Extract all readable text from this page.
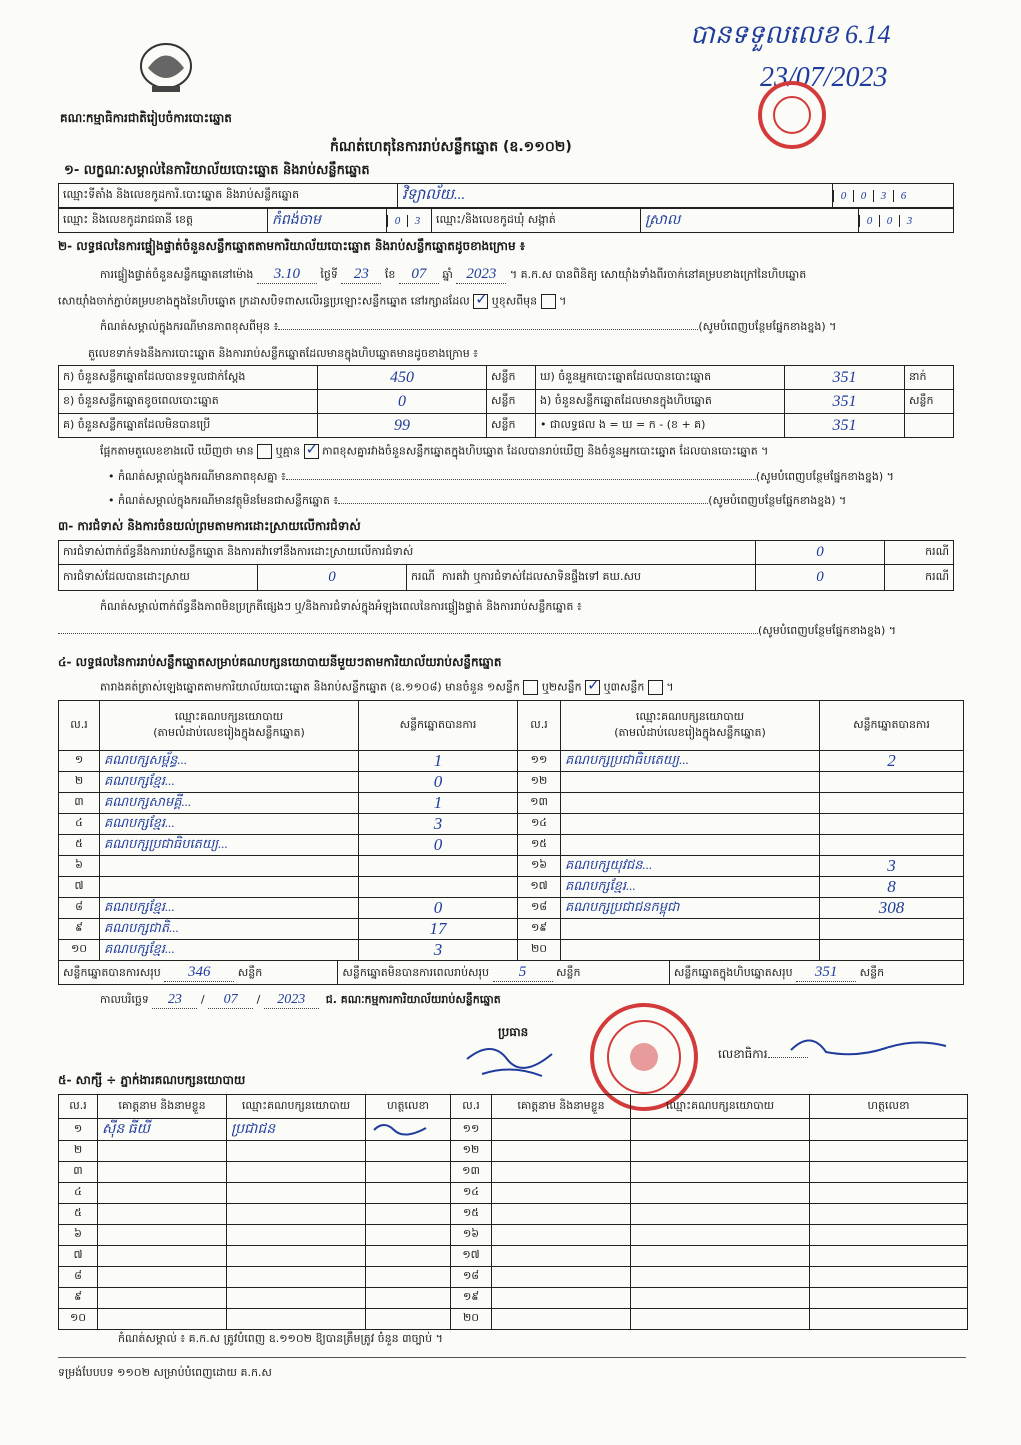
គណៈកម្មាធិការជាតិរៀបចំការបោះឆ្នោត
បានទទួលលេខ 6.14
23/07/2023
កំណត់ហេតុនៃការរាប់សន្លឹកឆ្នោត (ឧ.១១០២)
១- លក្ខណៈសម្គាល់នៃការិយាល័យបោះឆ្នោត និងរាប់សន្លឹកឆ្នោត
ឈ្មោះទីតាំង និងលេខកូដការិ.បោះឆ្នោត និងរាប់សន្លឹកឆ្នោត	វិទ្យាល័យ...	0 0 3 6
ឈ្មោះ និងលេខកូដរាជធានី ខេត្ត	កំពង់ចាម	0 3	ឈ្មោះ/និងលេខកូដឃុំ សង្កាត់	ស្រាល	0 0 3
២- លទ្ធផលនៃការផ្ទៀងផ្ទាត់ចំនួនសន្លឹកឆ្នោតតាមការិយាល័យបោះឆ្នោត និងរាប់សន្លឹកឆ្នោតដូចខាងក្រោម ៖
ការផ្ទៀងផ្ទាត់ចំនួនសន្លឹកឆ្នោតនៅម៉ោង 3.10 ថ្ងៃទី 23 ខែ 07 ឆ្នាំ 2023 ។ គ.ក.ស បានពិនិត្យ សោយ៉ាំងទាំងពីរចាក់នៅគម្របខាងក្រៅនៃហិបឆ្នោត
សោយ៉ាំងចាក់ភ្ជាប់គម្របខាងក្នុងនៃហិបឆ្នោត ក្រដាសបិទពាសលើរន្ធប្រឡោះសន្លឹកឆ្នោត នៅរក្សាដដែល ✓ ឬខុសពីមុន  ។
កំណត់សម្គាល់ក្នុងករណីមានភាពខុសពីមុន ៖	(សូមបំពេញបន្ថែមផ្នែកខាងខ្នង) ។
តួលេខទាក់ទងនឹងការបោះឆ្នោត និងការរាប់សន្លឹកឆ្នោតដែលមានក្នុងហិបឆ្នោតមានដូចខាងក្រោម ៖
ក) ចំនួនសន្លឹកឆ្នោតដែលបានទទួលជាក់ស្តែង	450	សន្លឹក	ឃ) ចំនួនអ្នកបោះឆ្នោតដែលបានបោះឆ្នោត	351	នាក់
ខ) ចំនួនសន្លឹកឆ្នោតខូចពេលបោះឆ្នោត	0	សន្លឹក	ង) ចំនួនសន្លឹកឆ្នោតដែលមានក្នុងហិបឆ្នោត	351	សន្លឹក
គ) ចំនួនសន្លឹកឆ្នោតដែលមិនបានប្រើ	99	សន្លឹក	• ជាលទ្ធផល ង = ឃ = ក - (ខ + គ)	351	
ផ្អែកតាមតួលេខខាងលើ ឃើញថា មាន ឬគ្មាន ✓ ភាពខុសគ្នារវាងចំនួនសន្លឹកឆ្នោតក្នុងហិបឆ្នោត ដែលបានរាប់ឃើញ និងចំនួនអ្នកបោះឆ្នោត ដែលបានបោះឆ្នោត ។
• កំណត់សម្គាល់ក្នុងករណីមានភាពខុសគ្នា ៖	(សូមបំពេញបន្ថែមផ្នែកខាងខ្នង) ។
• កំណត់សម្គាល់ក្នុងករណីមានវត្ថុមិនមែនជាសន្លឹកឆ្នោត ៖	(សូមបំពេញបន្ថែមផ្នែកខាងខ្នង) ។
៣- ការជំទាស់ និងការចំនយល់ព្រមតាមការដោះស្រាយលើការជំទាស់
ការជំទាស់ពាក់ព័ន្ធនឹងការរាប់សន្លឹកឆ្នោត និងការតវ៉ាទៅនឹងការដោះស្រាយលើការជំទាស់			0	ករណី
ការជំទាស់ដែលបានដោះស្រាយ	0	ករណី ការតវ៉ា ឬការជំទាស់ដែលសាទិនផ្ទឹងទៅ គឃ.សប	0	ករណី
កំណត់សម្គាល់ពាក់ព័ន្ធនឹងភាពមិនប្រក្រតីផ្សេងៗ ឬ/និងការជំទាស់ក្នុងអំឡុងពេលនៃការផ្ទៀងផ្ទាត់ និងការរាប់សន្លឹកឆ្នោត ៖
(សូមបំពេញបន្ថែមផ្នែកខាងខ្នង) ។
៤- លទ្ធផលនៃការរាប់សន្លឹកឆ្នោតសម្រាប់គណបក្សនយោបាយនីមួយៗតាមការិយាល័យរាប់សន្លឹកឆ្នោត
តារាងគត់ត្រាស់ឡេងឆ្នោតតាមការិយាល័យបោះឆ្នោត និងរាប់សន្លឹកឆ្នោត (ឧ.១១០៨) មានចំនួន ១សន្លឹក ឬ២សន្លឹក ✓ ឬ៣សន្លឹក  ។
ល.រ	ឈ្មោះគណបក្សនយោបាយ
(តាមលំដាប់លេខរៀងក្នុងសន្លឹកឆ្នោត)	សន្លឹកឆ្នោតបានការ	ល.រ	ឈ្មោះគណបក្សនយោបាយ
(តាមលំដាប់លេខរៀងក្នុងសន្លឹកឆ្នោត)	សន្លឹកឆ្នោតបានការ
១	គណបក្សសម្ព័ន្ធ...	1	១១	គណបក្សប្រជាធិបតេយ្យ...	2
២	គណបក្សខ្មែរ...	0	១២		
៣	គណបក្សសាមគ្គី...	1	១៣		
៤	គណបក្សខ្មែរ...	3	១៤		
៥	គណបក្សប្រជាធិបតេយ្យ...	0	១៥		
៦			១៦	គណបក្សយុវជន...	3
៧			១៧	គណបក្សខ្មែរ...	8
៨	គណបក្សខ្មែរ...	0	១៨	គណបក្សប្រជាជនកម្ពុជា	308
៩	គណបក្សជាតិ...	17	១៩		
១០	គណបក្សខ្មែរ...	3	២០		
សន្លឹកឆ្នោតបានការសរុប 346 សន្លឹក	សន្លឹកឆ្នោតមិនបានការពេលរាប់សរុប 5	សន្លឹក	សន្លឹកឆ្នោតក្នុងហិបឆ្នោតសរុប 351 សន្លឹក
កាលបរិច្ឆេទ 23 / 07 / 2023 ជ. គណៈកម្មការការិយាល័យរាប់សន្លឹកឆ្នោត
ប្រធាន
លេខាធិការ
៥- សាក្សី ÷ ភ្នាក់ងារគណបក្សនយោបាយ
ល.រ	គោត្តនាម និងនាមខ្លួន	ឈ្មោះគណបក្សនយោបាយ	ហត្ថលេខា	ល.រ	គោត្តនាម និងនាមខ្លួន	ឈ្មោះគណបក្សនយោបាយ	ហត្ថលេខា
១	ស៊ីន ធីយី	ប្រជាជន		១១			
២				១២			
៣				១៣			
៤				១៤			
៥				១៥			
៦				១៦			
៧				១៧			
៨				១៨			
៩				១៩			
១០				២០			
កំណត់សម្គាល់ ៖ គ.ក.ស ត្រូវបំពេញ ឧ.១១០២ ឱ្យបានត្រឹមត្រូវ ចំនួន ៣ច្បាប់ ។
ទម្រង់បែបបទ ១១០២ សម្រាប់បំពេញដោយ គ.ក.ស
